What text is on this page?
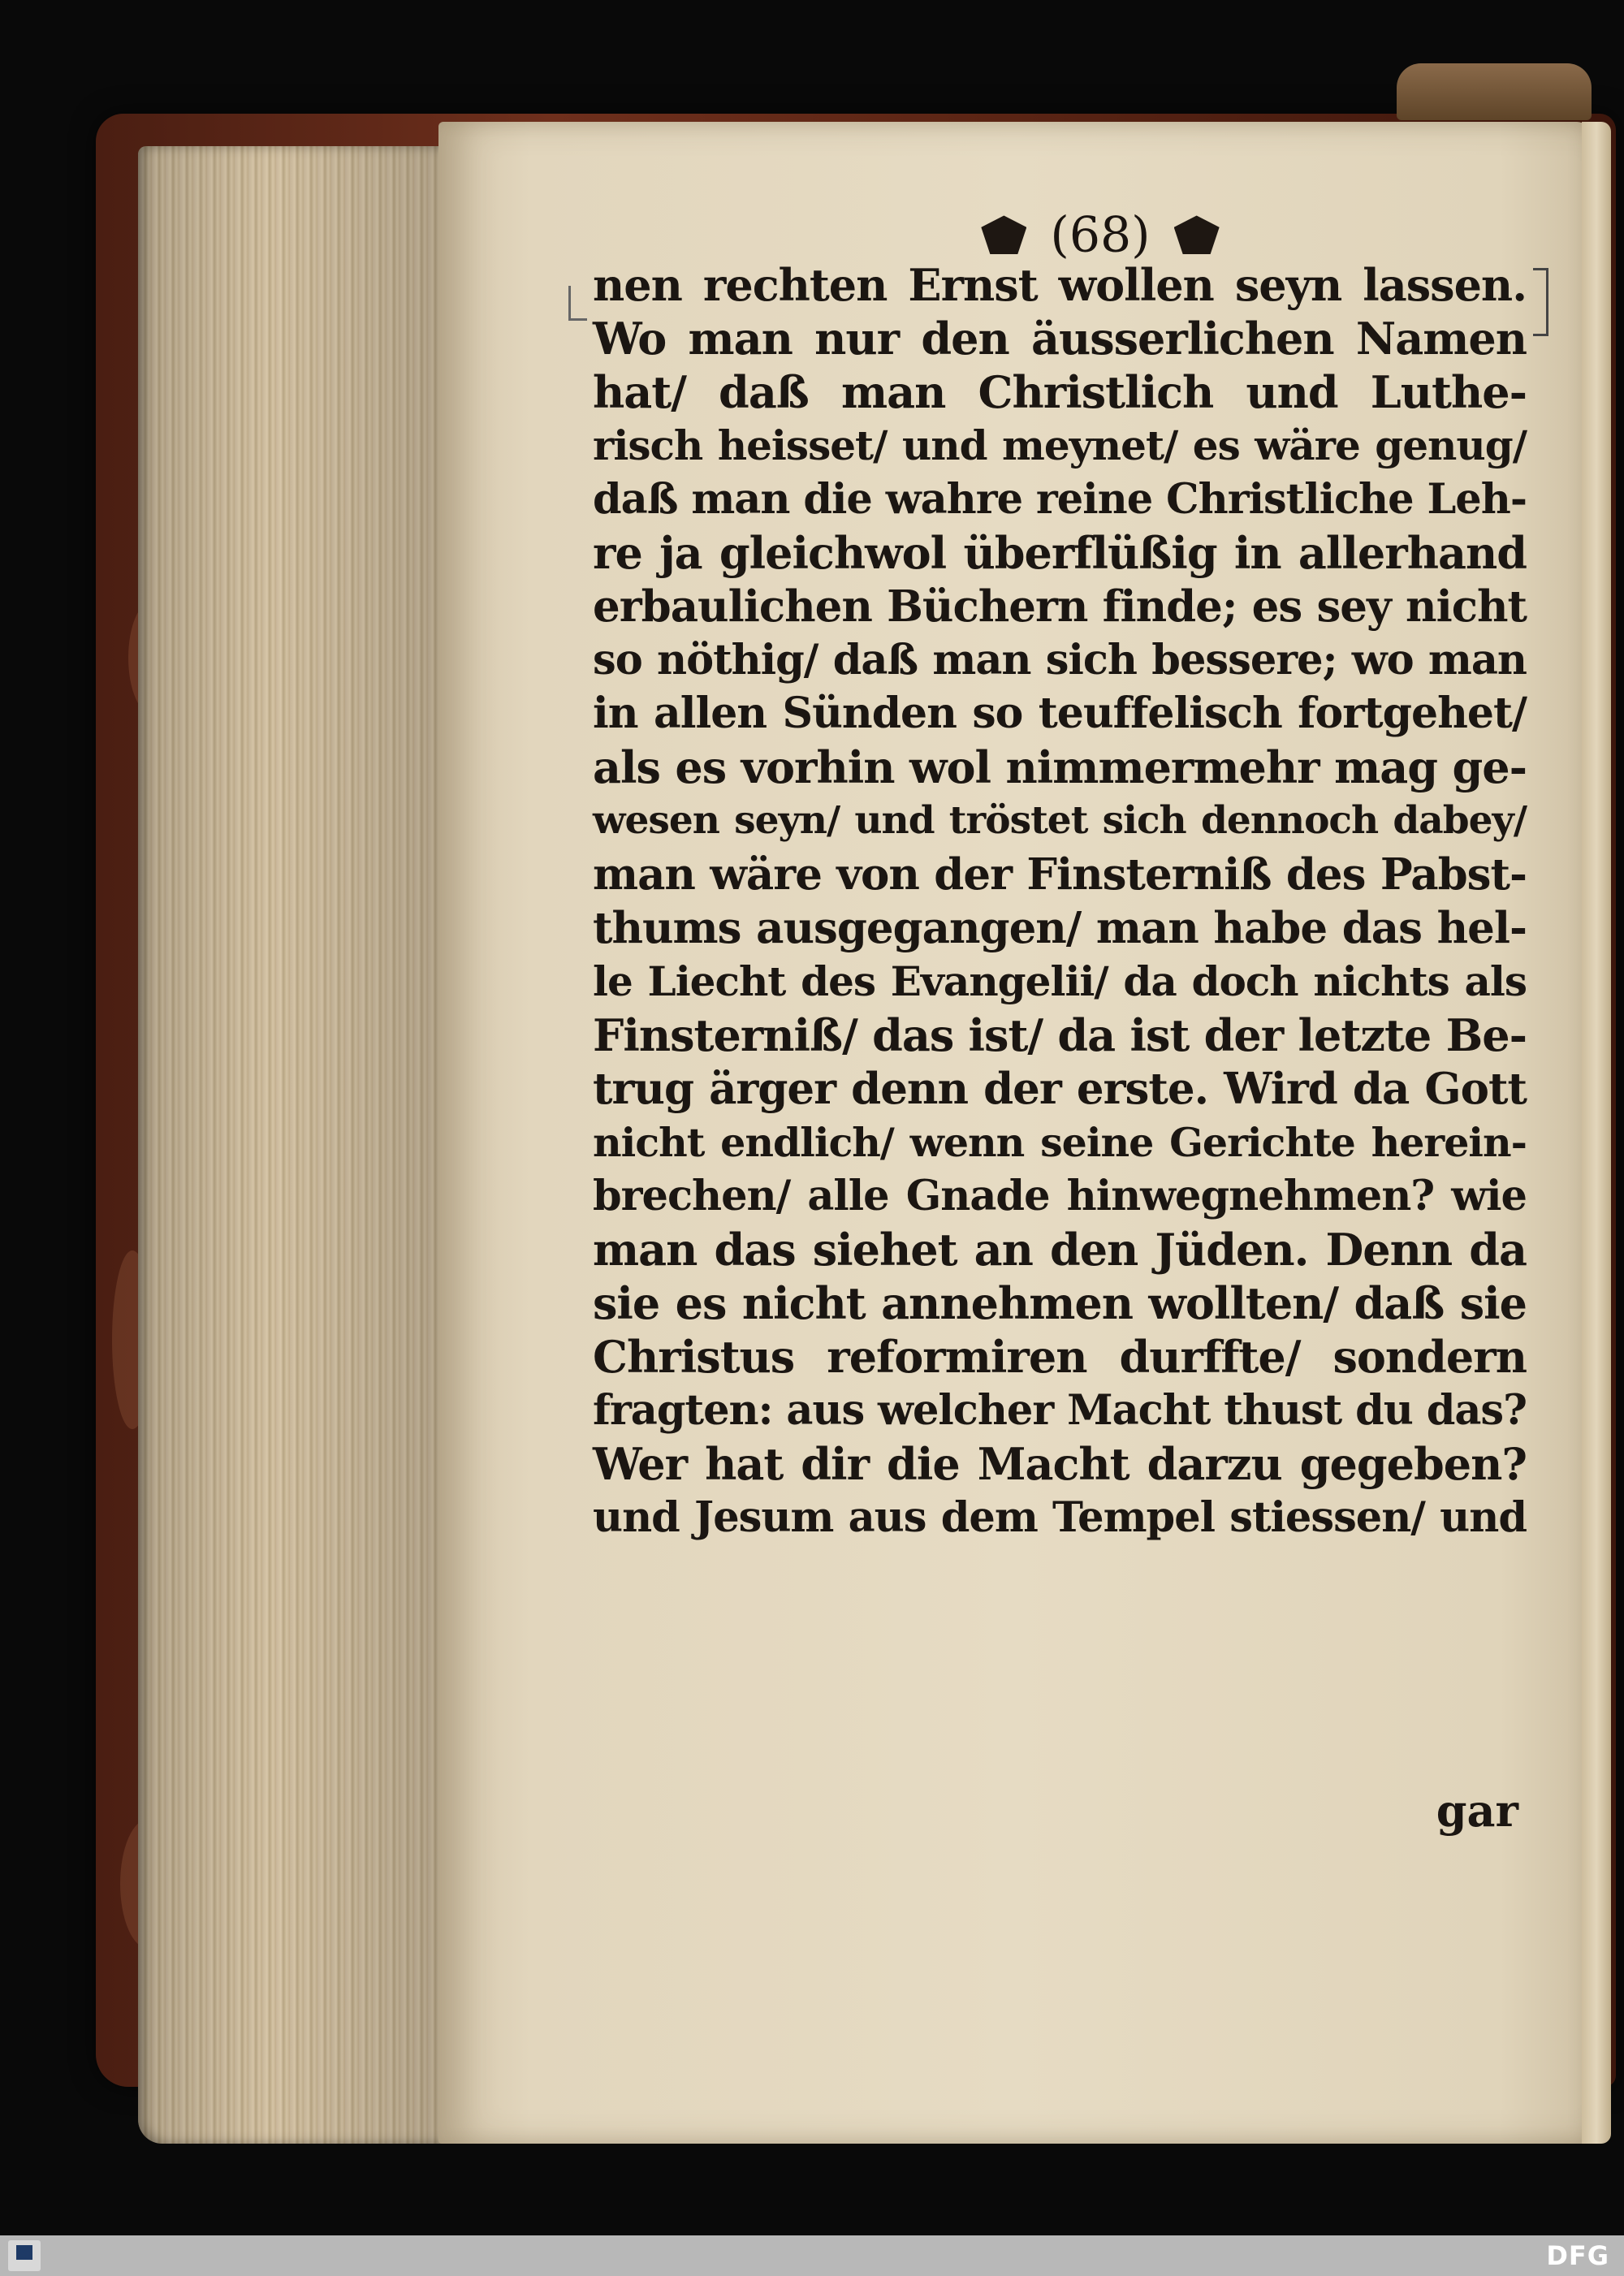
(68)
nen rechten Ernst wollen seyn lassen.
Wo man nur den äusserlichen Namen
hat/ daß man Christlich und Luthe-
risch heisset/ und meynet/ es wäre genug/
daß man die wahre reine Christliche Leh-
re ja gleichwol überflüßig in allerhand
erbaulichen Büchern finde; es sey nicht
so nöthig/ daß man sich bessere; wo man
in allen Sünden so teuffelisch fortgehet/
als es vorhin wol nimmermehr mag ge-
wesen seyn/ und tröstet sich dennoch dabey/
man wäre von der Finsterniß des Pabst-
thums ausgegangen/ man habe das hel-
le Liecht des Evangelii/ da doch nichts als
Finsterniß/ das ist/ da ist der letzte Be-
trug ärger denn der erste. Wird da Gott
nicht endlich/ wenn seine Gerichte herein-
brechen/ alle Gnade hinwegnehmen? wie
man das siehet an den Jüden. Denn da
sie es nicht annehmen wollten/ daß sie
Christus reformiren durffte/ sondern
fragten: aus welcher Macht thust du das?
Wer hat dir die Macht darzu gegeben?
und Jesum aus dem Tempel stiessen/ und
gar
DFG
